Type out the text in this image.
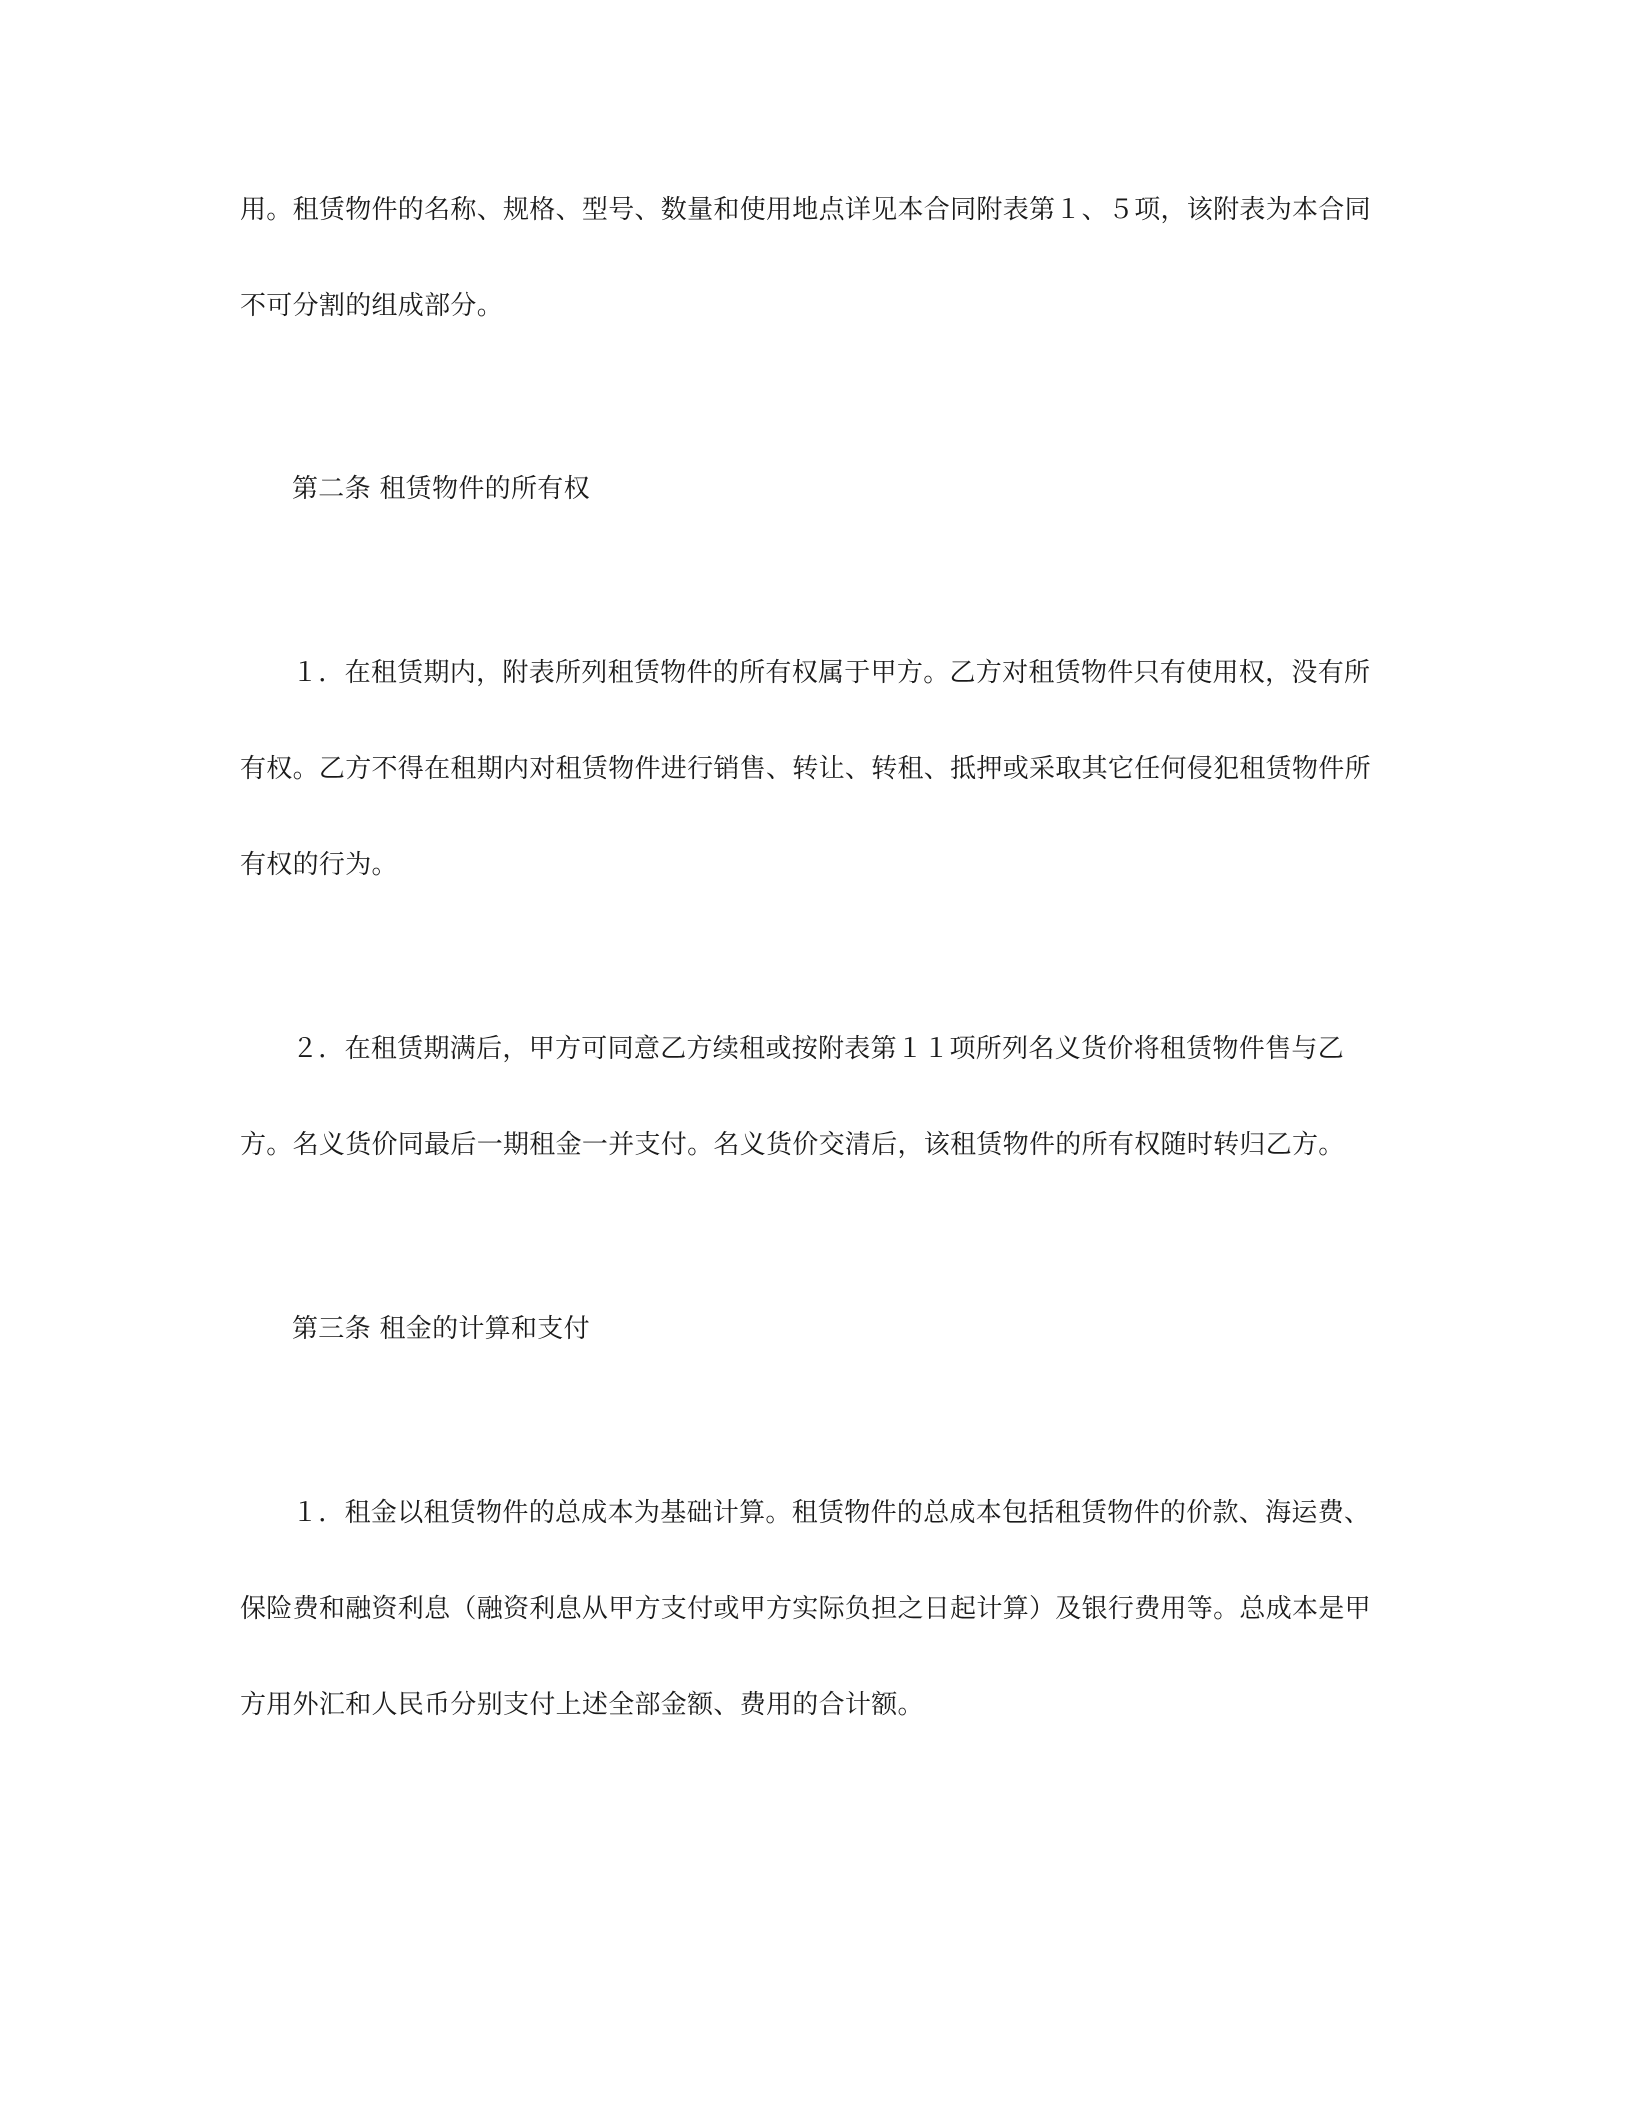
用。租赁物件的名称、规格、型号、数量和使用地点详见本合同附表第１、５项，该附表为本合同
不可分割的组成部分。
第二条 租赁物件的所有权
１．在租赁期内，附表所列租赁物件的所有权属于甲方。乙方对租赁物件只有使用权，没有所
有权。乙方不得在租期内对租赁物件进行销售、转让、转租、抵押或采取其它任何侵犯租赁物件所
有权的行为。
２．在租赁期满后，甲方可同意乙方续租或按附表第１１项所列名义货价将租赁物件售与乙
方。名义货价同最后一期租金一并支付。名义货价交清后，该租赁物件的所有权随时转归乙方。
第三条 租金的计算和支付
１．租金以租赁物件的总成本为基础计算。租赁物件的总成本包括租赁物件的价款、海运费、
保险费和融资利息（融资利息从甲方支付或甲方实际负担之日起计算）及银行费用等。总成本是甲
方用外汇和人民币分别支付上述全部金额、费用的合计额。
